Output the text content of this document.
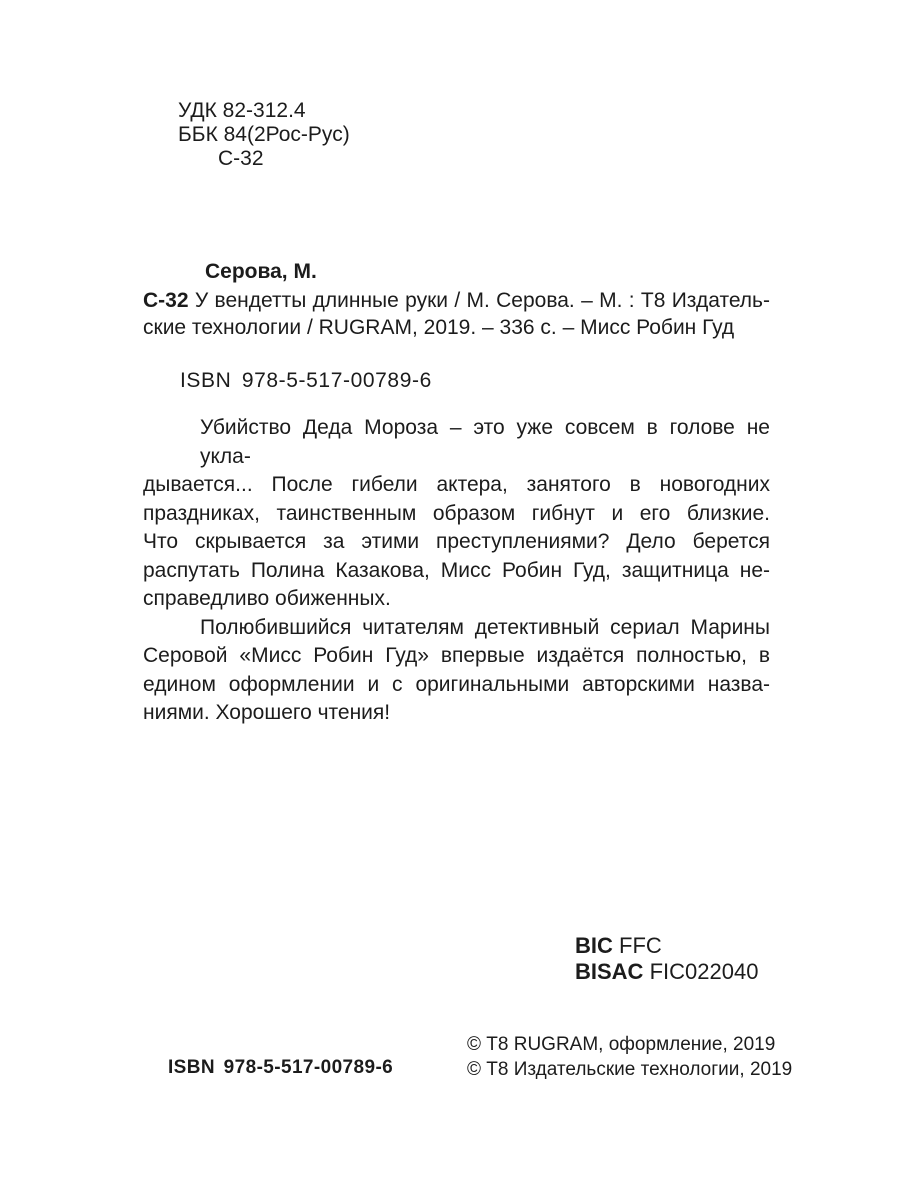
УДК 82-312.4
ББК 84(2Рос-Рус)
С-32
Серова, М.
С-32 У вендетты длинные руки / М. Серова. – М. : Т8 Издатель-
ские технологии / RUGRAM, 2019. – 336 с. – Мисс Робин Гуд
ISBN 978-5-517-00789-6
Убийство Деда Мороза – это уже совсем в голове не укла-
дывается... После гибели актера, занятого в новогодних
праздниках, таинственным образом гибнут и его близкие.
Что скрывается за этими преступлениями? Дело берется
распутать Полина Казакова, Мисс Робин Гуд, защитница не-
справедливо обиженных.
Полюбившийся читателям детективный сериал Марины
Серовой «Мисс Робин Гуд» впервые издаётся полностью, в
едином оформлении и с оригинальными авторскими назва-
ниями. Хорошего чтения!
BIC FFC
BISAC FIC022040
ISBN 978-5-517-00789-6
© Т8 RUGRAM, оформление, 2019
© Т8 Издательские технологии, 2019
